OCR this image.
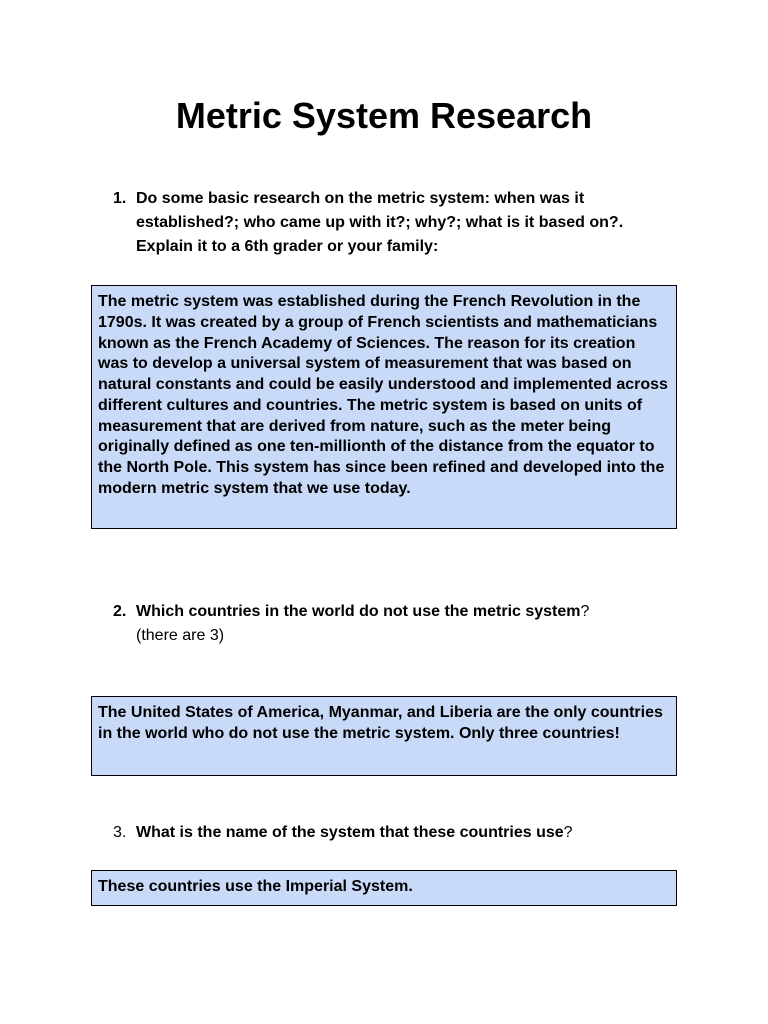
Metric System Research
1. Do some basic research on the metric system: when was it established?; who came up with it?; why?; what is it based on?. Explain it to a 6th grader or your family:
The metric system was established during the French Revolution in the 1790s. It was created by a group of French scientists and mathematicians known as the French Academy of Sciences. The reason for its creation was to develop a universal system of measurement that was based on natural constants and could be easily understood and implemented across different cultures and countries. The metric system is based on units of measurement that are derived from nature, such as the meter being originally defined as one ten-millionth of the distance from the equator to the North Pole. This system has since been refined and developed into the modern metric system that we use today.
2. Which countries in the world do not use the metric system?
(there are 3)
The United States of America, Myanmar, and Liberia are the only countries in the world who do not use the metric system. Only three countries!
3. What is the name of the system that these countries use?
These countries use the Imperial System.
